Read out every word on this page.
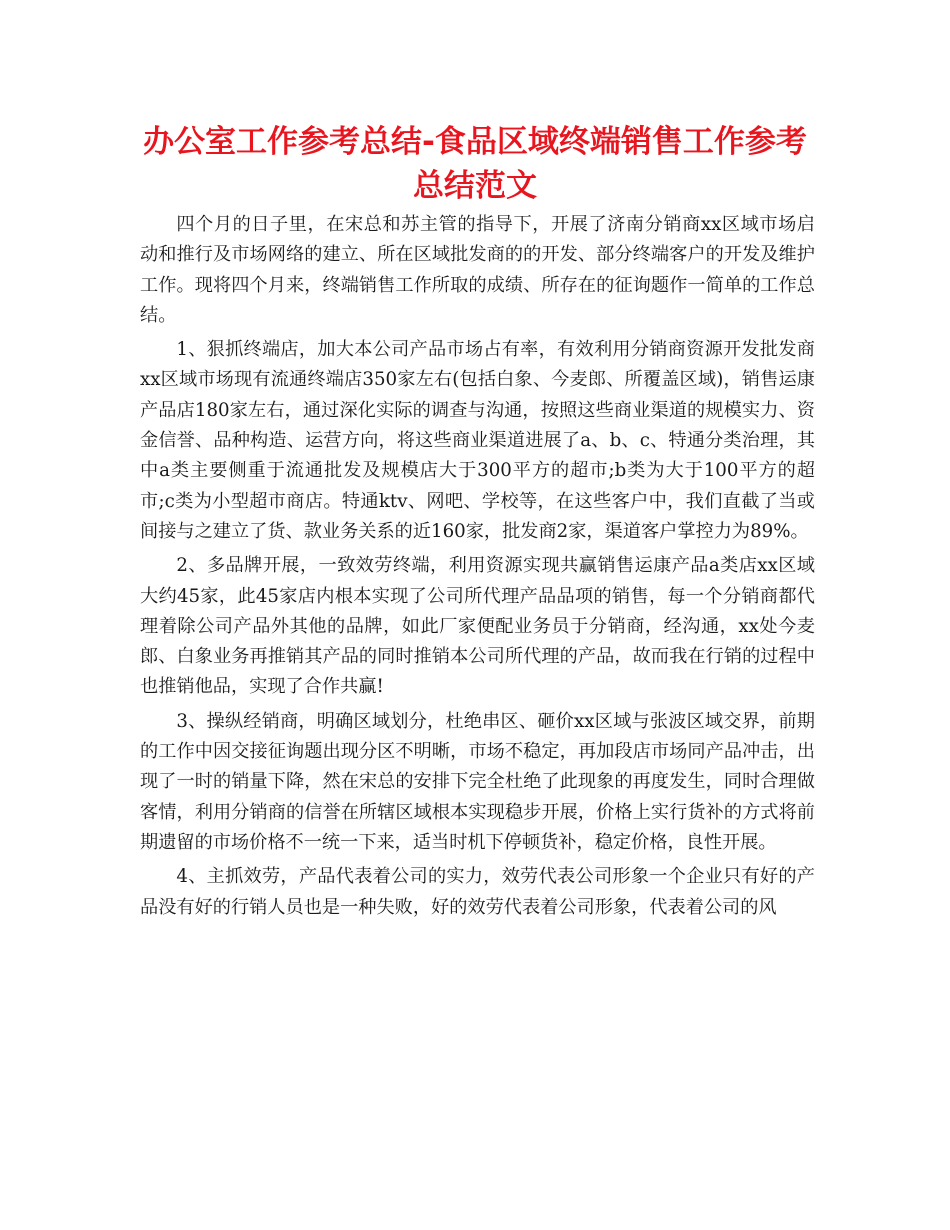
办公室工作参考总结-食品区域终端销售工作参考总结范文

四个月的日子里，在宋总和苏主管的指导下，开展了济南分销商xx区域市场启动和推行及市场网络的建立、所在区域批发商的的开发、部分终端客户的开发及维护工作。现将四个月来，终端销售工作所取的成绩、所存在的征询题作一简单的工作总结。

1、狠抓终端店，加大本公司产品市场占有率，有效利用分销商资源开发批发商xx区域市场现有流通终端店350家左右(包括白象、今麦郎、所覆盖区域)，销售运康产品店180家左右，通过深化实际的调查与沟通，按照这些商业渠道的规模实力、资金信誉、品种构造、运营方向，将这些商业渠道进展了a、b、c、特通分类治理，其中a类主要侧重于流通批发及规模店大于300平方的超市;b类为大于100平方的超市;c类为小型超市商店。特通ktv、网吧、学校等，在这些客户中，我们直截了当或间接与之建立了货、款业务关系的近160家，批发商2家，渠道客户掌控力为89%。

2、多品牌开展，一致效劳终端，利用资源实现共赢销售运康产品a类店xx区域大约45家，此45家店内根本实现了公司所代理产品品项的销售，每一个分销商都代理着除公司产品外其他的品牌，如此厂家便配业务员于分销商，经沟通，xx处今麦郎、白象业务再推销其产品的同时推销本公司所代理的产品，故而我在行销的过程中也推销他品，实现了合作共赢!

3、操纵经销商，明确区域划分，杜绝串区、砸价xx区域与张波区域交界，前期的工作中因交接征询题出现分区不明晰，市场不稳定，再加段店市场同产品冲击，出现了一时的销量下降，然在宋总的安排下完全杜绝了此现象的再度发生，同时合理做客情，利用分销商的信誉在所辖区域根本实现稳步开展，价格上实行货补的方式将前期遗留的市场价格不一统一下来，适当时机下停顿货补，稳定价格，良性开展。

4、主抓效劳，产品代表着公司的实力，效劳代表公司形象一个企业只有好的产品没有好的行销人员也是一种失败，好的效劳代表着公司形象，代表着公司的风
